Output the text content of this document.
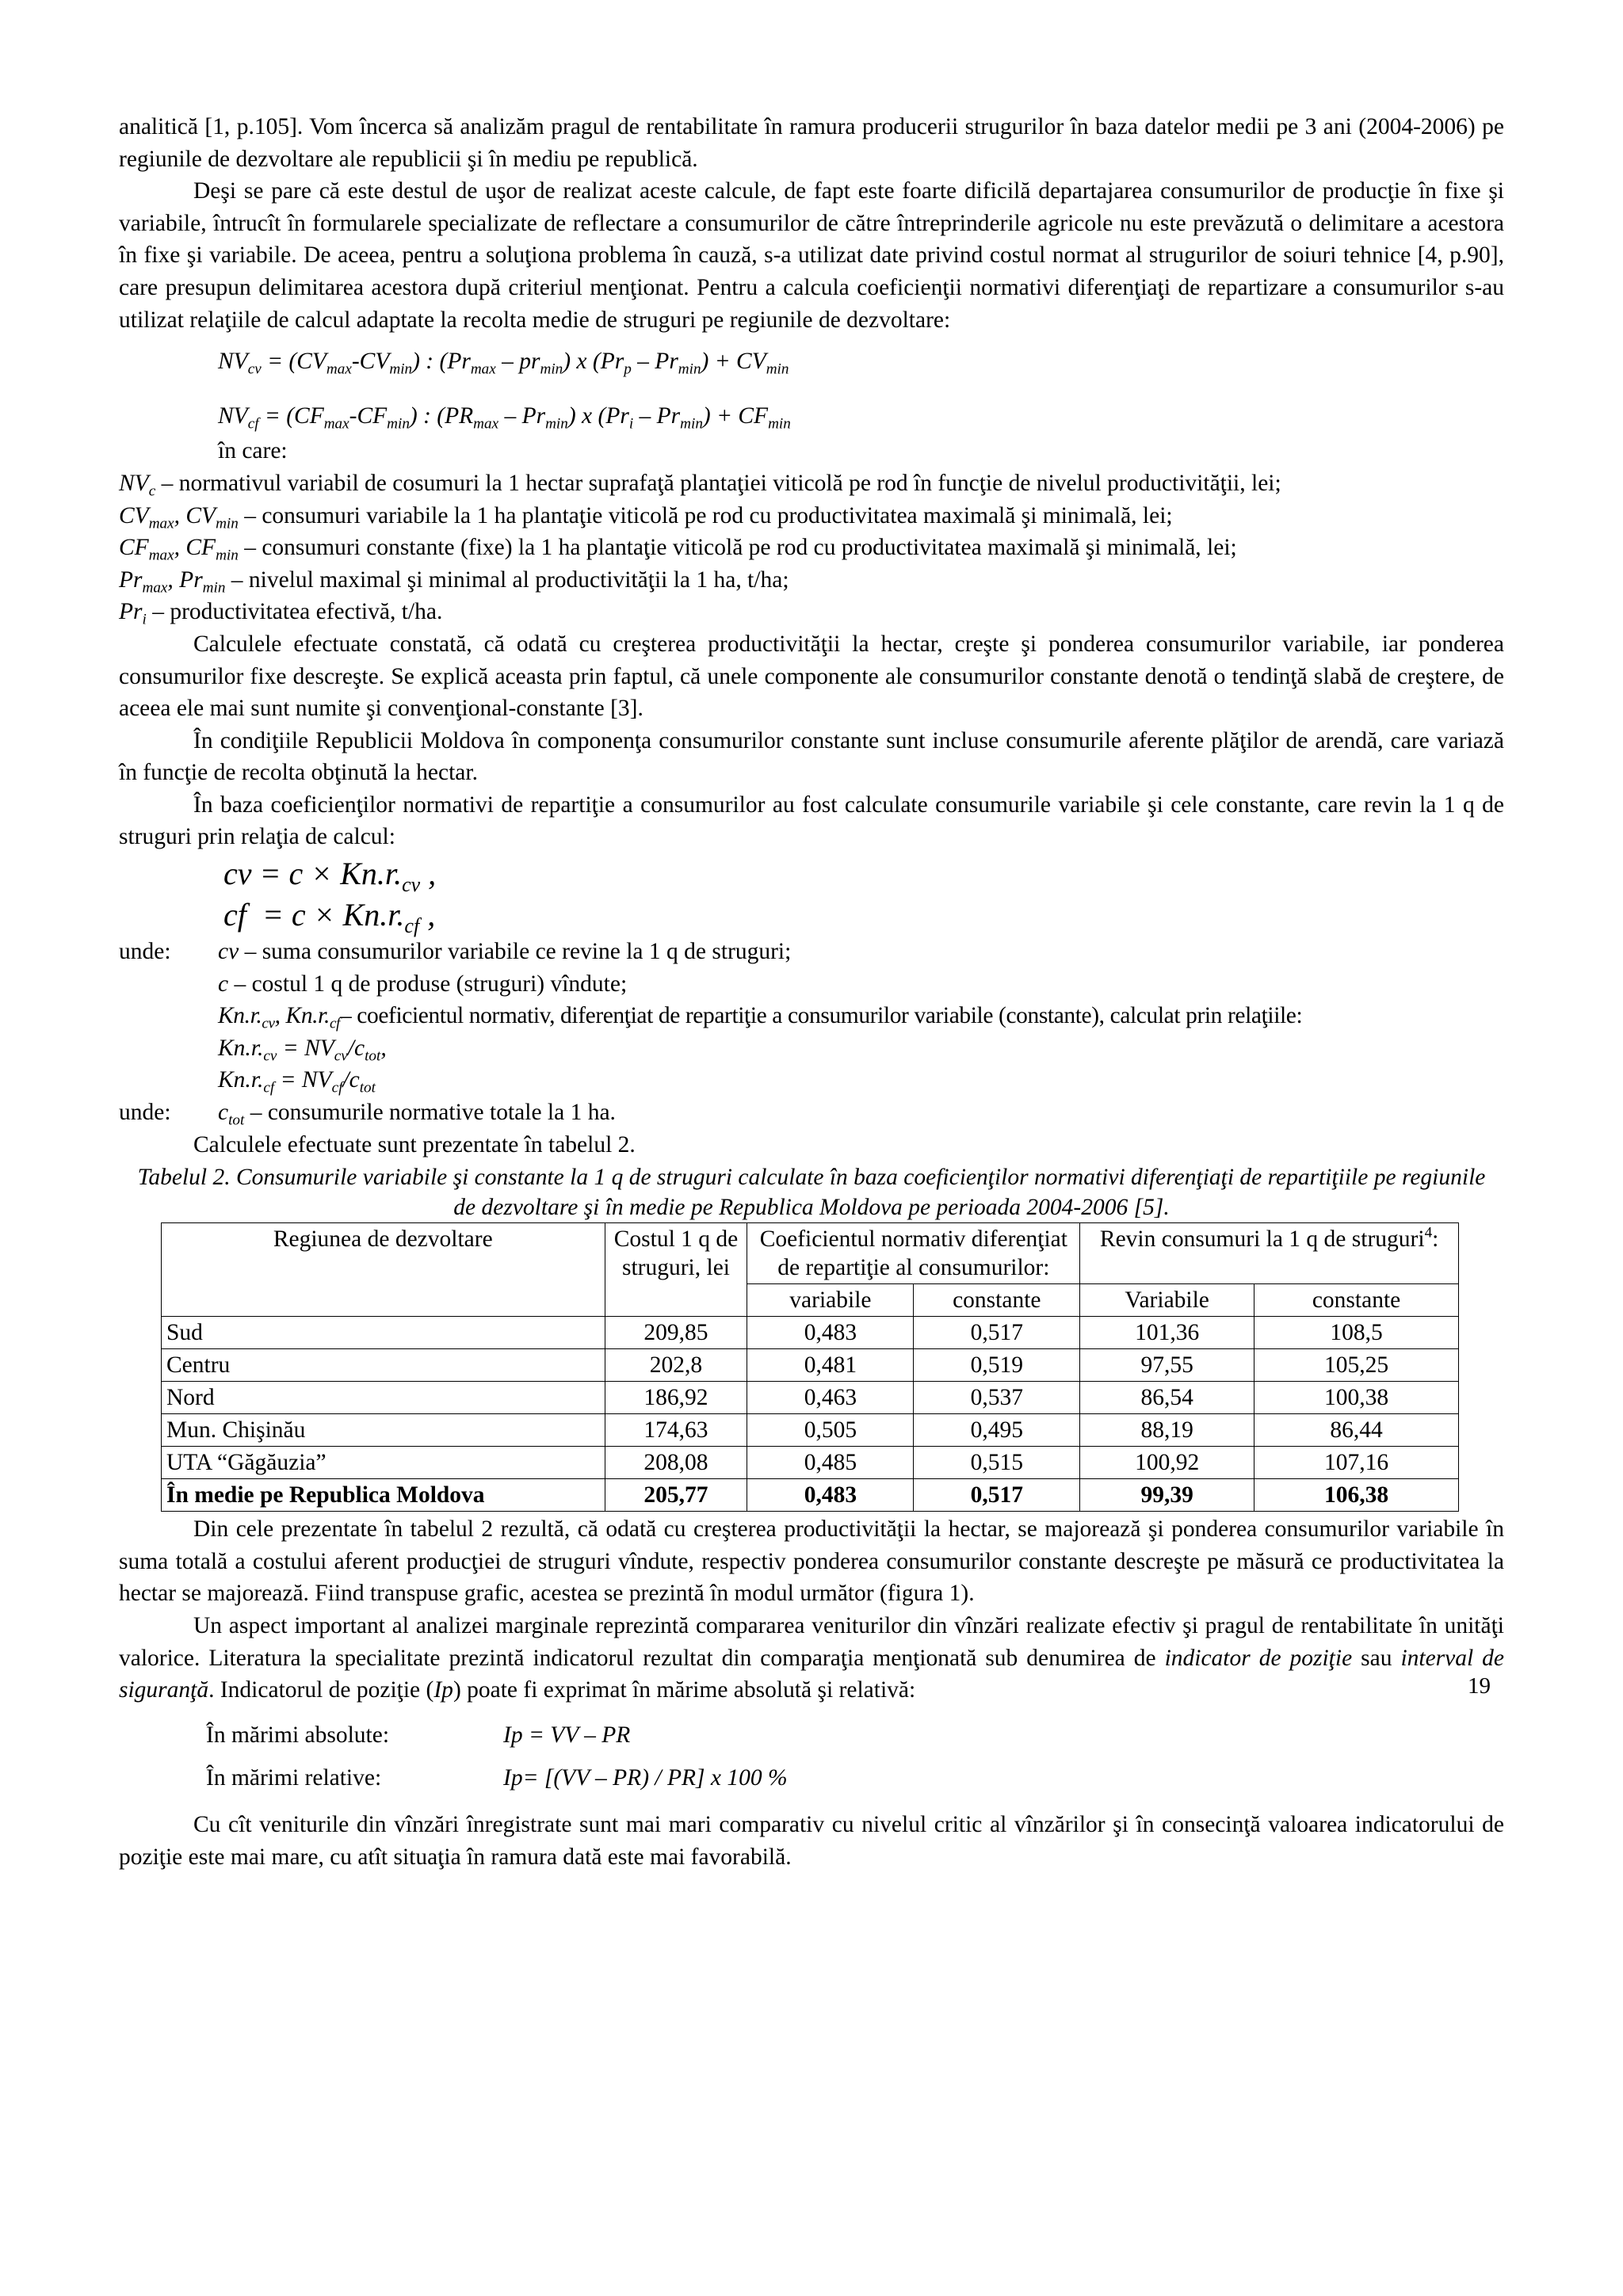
analitică [1, p.105]. Vom încerca să analizăm pragul de rentabilitate în ramura producerii strugurilor în baza datelor medii pe 3 ani (2004-2006) pe regiunile de dezvoltare ale republicii şi în mediu pe republică.

Deşi se pare că este destul de uşor de realizat aceste calcule, de fapt este foarte dificilă departajarea consumurilor de producţie în fixe şi variabile, întrucît în formularele specializate de reflectare a consumurilor de către întreprinderile agricole nu este prevăzută o delimitare a acestora în fixe şi variabile. De aceea, pentru a soluţiona problema în cauză, s-a utilizat date privind costul normat al strugurilor de soiuri tehnice [4, p.90], care presupun delimitarea acestora după criteriul menţionat. Pentru a calcula coeficienţii normativi diferenţiaţi de repartizare a consumurilor s-au utilizat relaţiile de calcul adaptate la recolta medie de struguri pe regiunile de dezvoltare:

$NV_{cv} = (CV_{max}-CV_{min})$ : $(Pr_{max} - pr_{min})$ x $(Pr_p - Pr_{min}) + CV_{min}$
$NV_{cf} = (CF_{max}-CF_{min})$ : $(PR_{max} - Pr_{min})$ x $(Pr_i - Pr_{min}) + CF_{min}$
în care:
$NV_c$ – normativul variabil de cosumuri la 1 hectar suprafaţă plantaţiei viticolă pe rod în funcţie de nivelul productivităţii, lei;
$CV_{max}$, $CV_{min}$ – consumuri variabile la 1 ha plantaţie viticolă pe rod cu productivitatea maximală şi minimală, lei;
$CF_{max}$, $CF_{min}$ – consumuri constante (fixe) la 1 ha plantaţie viticolă pe rod cu productivitatea maximală şi minimală, lei;
$Pr_{max}$, $Pr_{min}$ – nivelul maximal şi minimal al productivităţii la 1 ha, t/ha;
$Pr_i$ – productivitatea efectivă, t/ha.

Calculele efectuate constată, că odată cu creşterea productivităţii la hectar, creşte şi ponderea consumurilor variabile, iar ponderea consumurilor fixe descreşte. Se explică aceasta prin faptul, că unele componente ale consumurilor constante denotă o tendinţă slabă de creştere, de aceea ele mai sunt numite şi convenţional-constante [3].

În condiţiile Republicii Moldova în componenţa consumurilor constante sunt incluse consumurile aferente plăţilor de arendă, care variază în funcţie de recolta obţinută la hectar.

În baza coeficienţilor normativi de repartiţie a consumurilor au fost calculate consumurile variabile şi cele constante, care revin la 1 q de struguri prin relaţia de calcul:

cv = $c \times Kn.r._{cv}$ ,
cf  = $c \times Kn.r._{cf}$ ,
unde:	cv – suma consumurilor variabile ce revine la 1 q de struguri;
c – costul 1 q de produse (struguri) vîndute;
$Kn.r._{cv}$, $Kn.r._{cf}-$ coeficientul normativ, diferenţiat de repartiţie a consumurilor variabile (constante), calculat prin relaţiile:
$Kn.r._{cv} = NV_{cv}/c_{tot}$,
$Kn.r._{cf} = NV_{cf}/c_{tot}$
unde:	$c_{tot}$ – consumurile normative totale la 1 ha.

Calculele efectuate sunt prezentate în tabelul 2.

Tabelul 2. Consumurile variabile şi constante la 1 q de struguri calculate în baza coeficienţilor normativi diferenţiaţi de repartiţiile pe regiunile de dezvoltare şi în medie pe Republica Moldova pe perioada 2004-2006 [5].
Regiunea de dezvoltare	Costul 1 q de struguri, lei	Coeficientul normativ diferenţiat de repartiţie al consumurilor:		Revin consumuri la 1 q de struguri$^4$:	
		variabile	constante	Variabile	constante
Sud	209,85	0,483	0,517	101,36	108,5
Centru	202,8	0,481	0,519	97,55	105,25
Nord	186,92	0,463	0,537	86,54	100,38
Mun. Chişinău	174,63	0,505	0,495	88,19	86,44
UTA “Găgăuzia”	208,08	0,485	0,515	100,92	107,16
În medie pe Republica Moldova	205,77	0,483	0,517	99,39	106,38

Din cele prezentate în tabelul 2 rezultă, că odată cu creşterea productivităţii la hectar, se majorează şi ponderea consumurilor variabile în suma totală a costului aferent producţiei de struguri vîndute, respectiv ponderea consumurilor constante descreşte pe măsură ce productivitatea la hectar se majorează. Fiind transpuse grafic, acestea se prezintă în modul următor (figura 1).

Un aspect important al analizei marginale reprezintă compararea veniturilor din vînzări realizate efectiv şi pragul de rentabilitate în unităţi valorice. Literatura la specialitate prezintă indicatorul rezultat din comparaţia menţionată sub denumirea de indicator de poziţie sau interval de siguranţă. Indicatorul de poziţie (Ip) poate fi exprimat în mărime absolută şi relativă:

În mărimi absolute:	Ip = VV – PR
În mărimi relative:	Ip= [(VV – PR) / PR] x 100 %

Cu cît veniturile din vînzări înregistrate sunt mai mari comparativ cu nivelul critic al vînzărilor şi în consecinţă valoarea indicatorului de poziţie este mai mare, cu atît situaţia în ramura dată este mai favorabilă.

19
